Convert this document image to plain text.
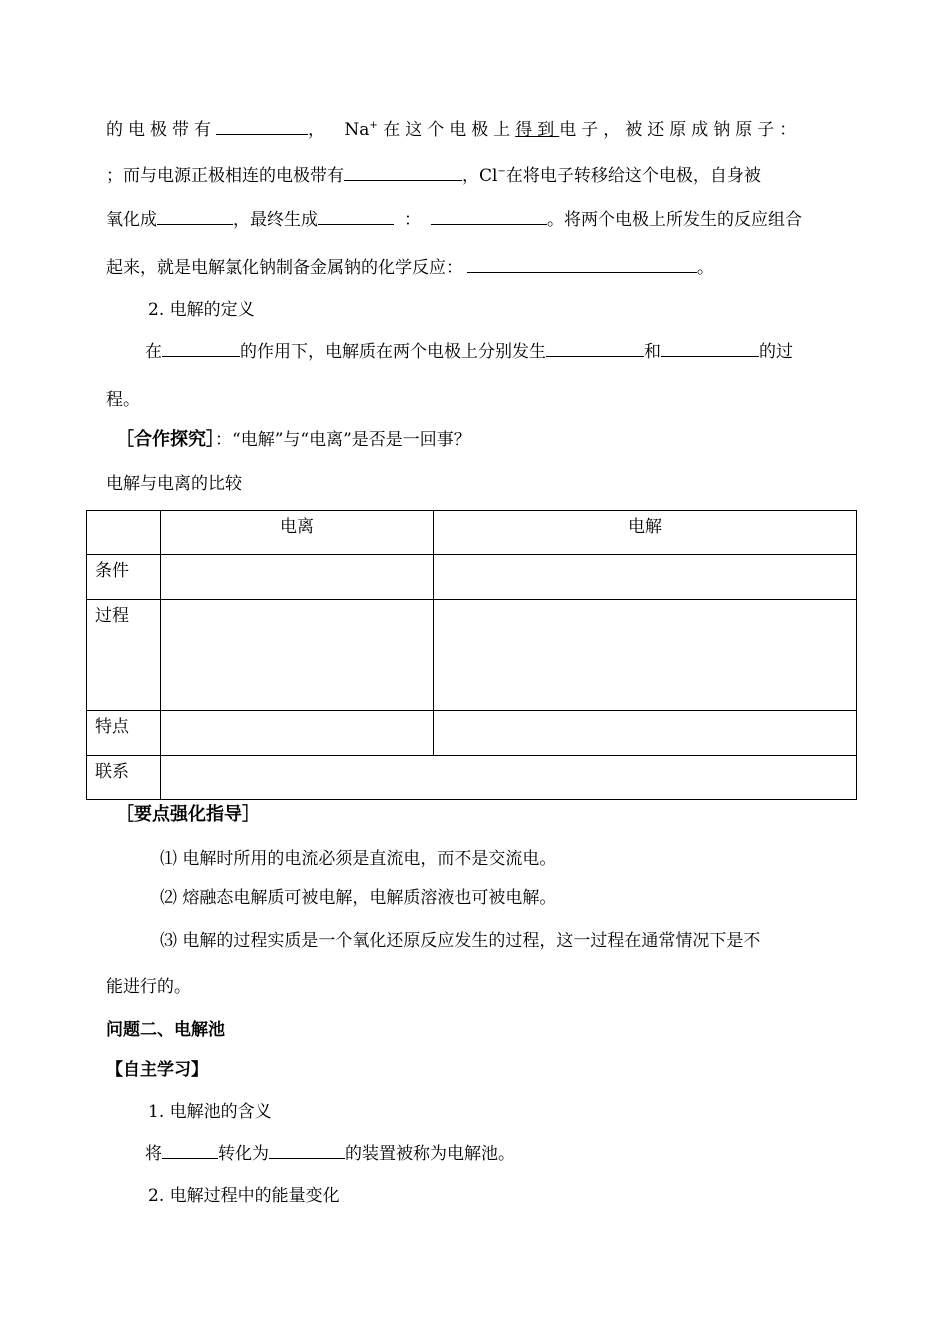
的电极带有	， Na+ 在这个电极上得到电子，被还原成钠原子：
；而与电源正极相连的电极带有	，Cl−在将电子转移给这个电极，自身被
氧化成	，最终生成	：	。将两个电极上所发生的反应组合
起来，就是电解氯化钠制备金属钠的化学反应：	。
2. 电解的定义
在	的作用下，电解质在两个电极上分别发生	和	的过
程。
［合作探究］：“电解”与“电离”是否是一回事？
电解与电离的比较
	电离	电解
条件		
过程		
特点		
联系		
［要点强化指导］
⑴ 电解时所用的电流必须是直流电，而不是交流电。
⑵ 熔融态电解质可被电解，电解质溶液也可被电解。
⑶ 电解的过程实质是一个氧化还原反应发生的过程，这一过程在通常情况下是不
能进行的。
问题二、电解池
【自主学习】
1. 电解池的含义
将	转化为	的装置被称为电解池。
2. 电解过程中的能量变化
